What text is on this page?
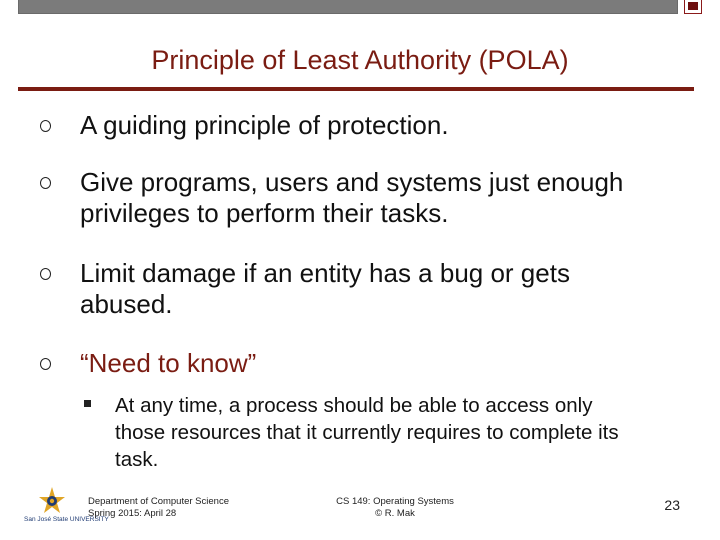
Principle of Least Authority (POLA)
A guiding principle of protection.
Give programs, users and systems just enough privileges to perform their tasks.
Limit damage if an entity has a bug or gets abused.
“Need to know”
At any time, a process should be able to access only those resources that it currently requires to complete its task.
San José State UNIVERSITY
Department of Computer Science
Spring 2015: April 28
CS 149: Operating Systems
© R. Mak
23
